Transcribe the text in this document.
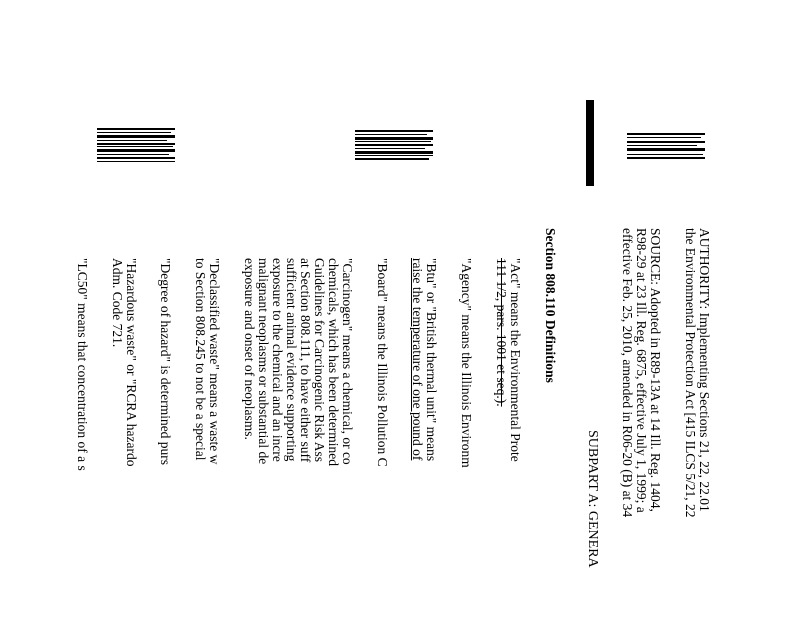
AUTHORITY: Implementing Sections 21, 22, 22.01
the Environmental Protection Act [415 ILCS 5/21, 22
SOURCE: Adopted in R89-13A at 14 Ill. Reg. 1404,
R98-29 at 23 Ill. Reg. 6875, effective July 1, 1999; a
effective Feb. 25, 2010, amended in R06-20 (B) at 34
SUBPART A: GENERA
Section 808.110 Definitions
"Act" means the Environmental Prote
111 1/2, pars. 1001 et seq.).
"Agency" means the Illinois Environm
"Btu" or "British thermal unit" means
raise the temperature of one pound of
"Board" means the Illinois Pollution C
"Carcinogen" means a chemical, or co
chemicals, which has been determined
Guidelines for Carcinogenic Risk Ass
at Section 808.111, to have either suff
sufficient animal evidence supporting
exposure to the chemical and an incre
malignant neoplasms or substantial de
exposure and onset of neoplasms.
"Declassified waste" means a waste w
to Section 808.245 to not be a special
"Degree of hazard" is determined purs
"Hazardous waste" or "RCRA hazardo
Adm. Code 721.
"LC50" means that concentration of a s
